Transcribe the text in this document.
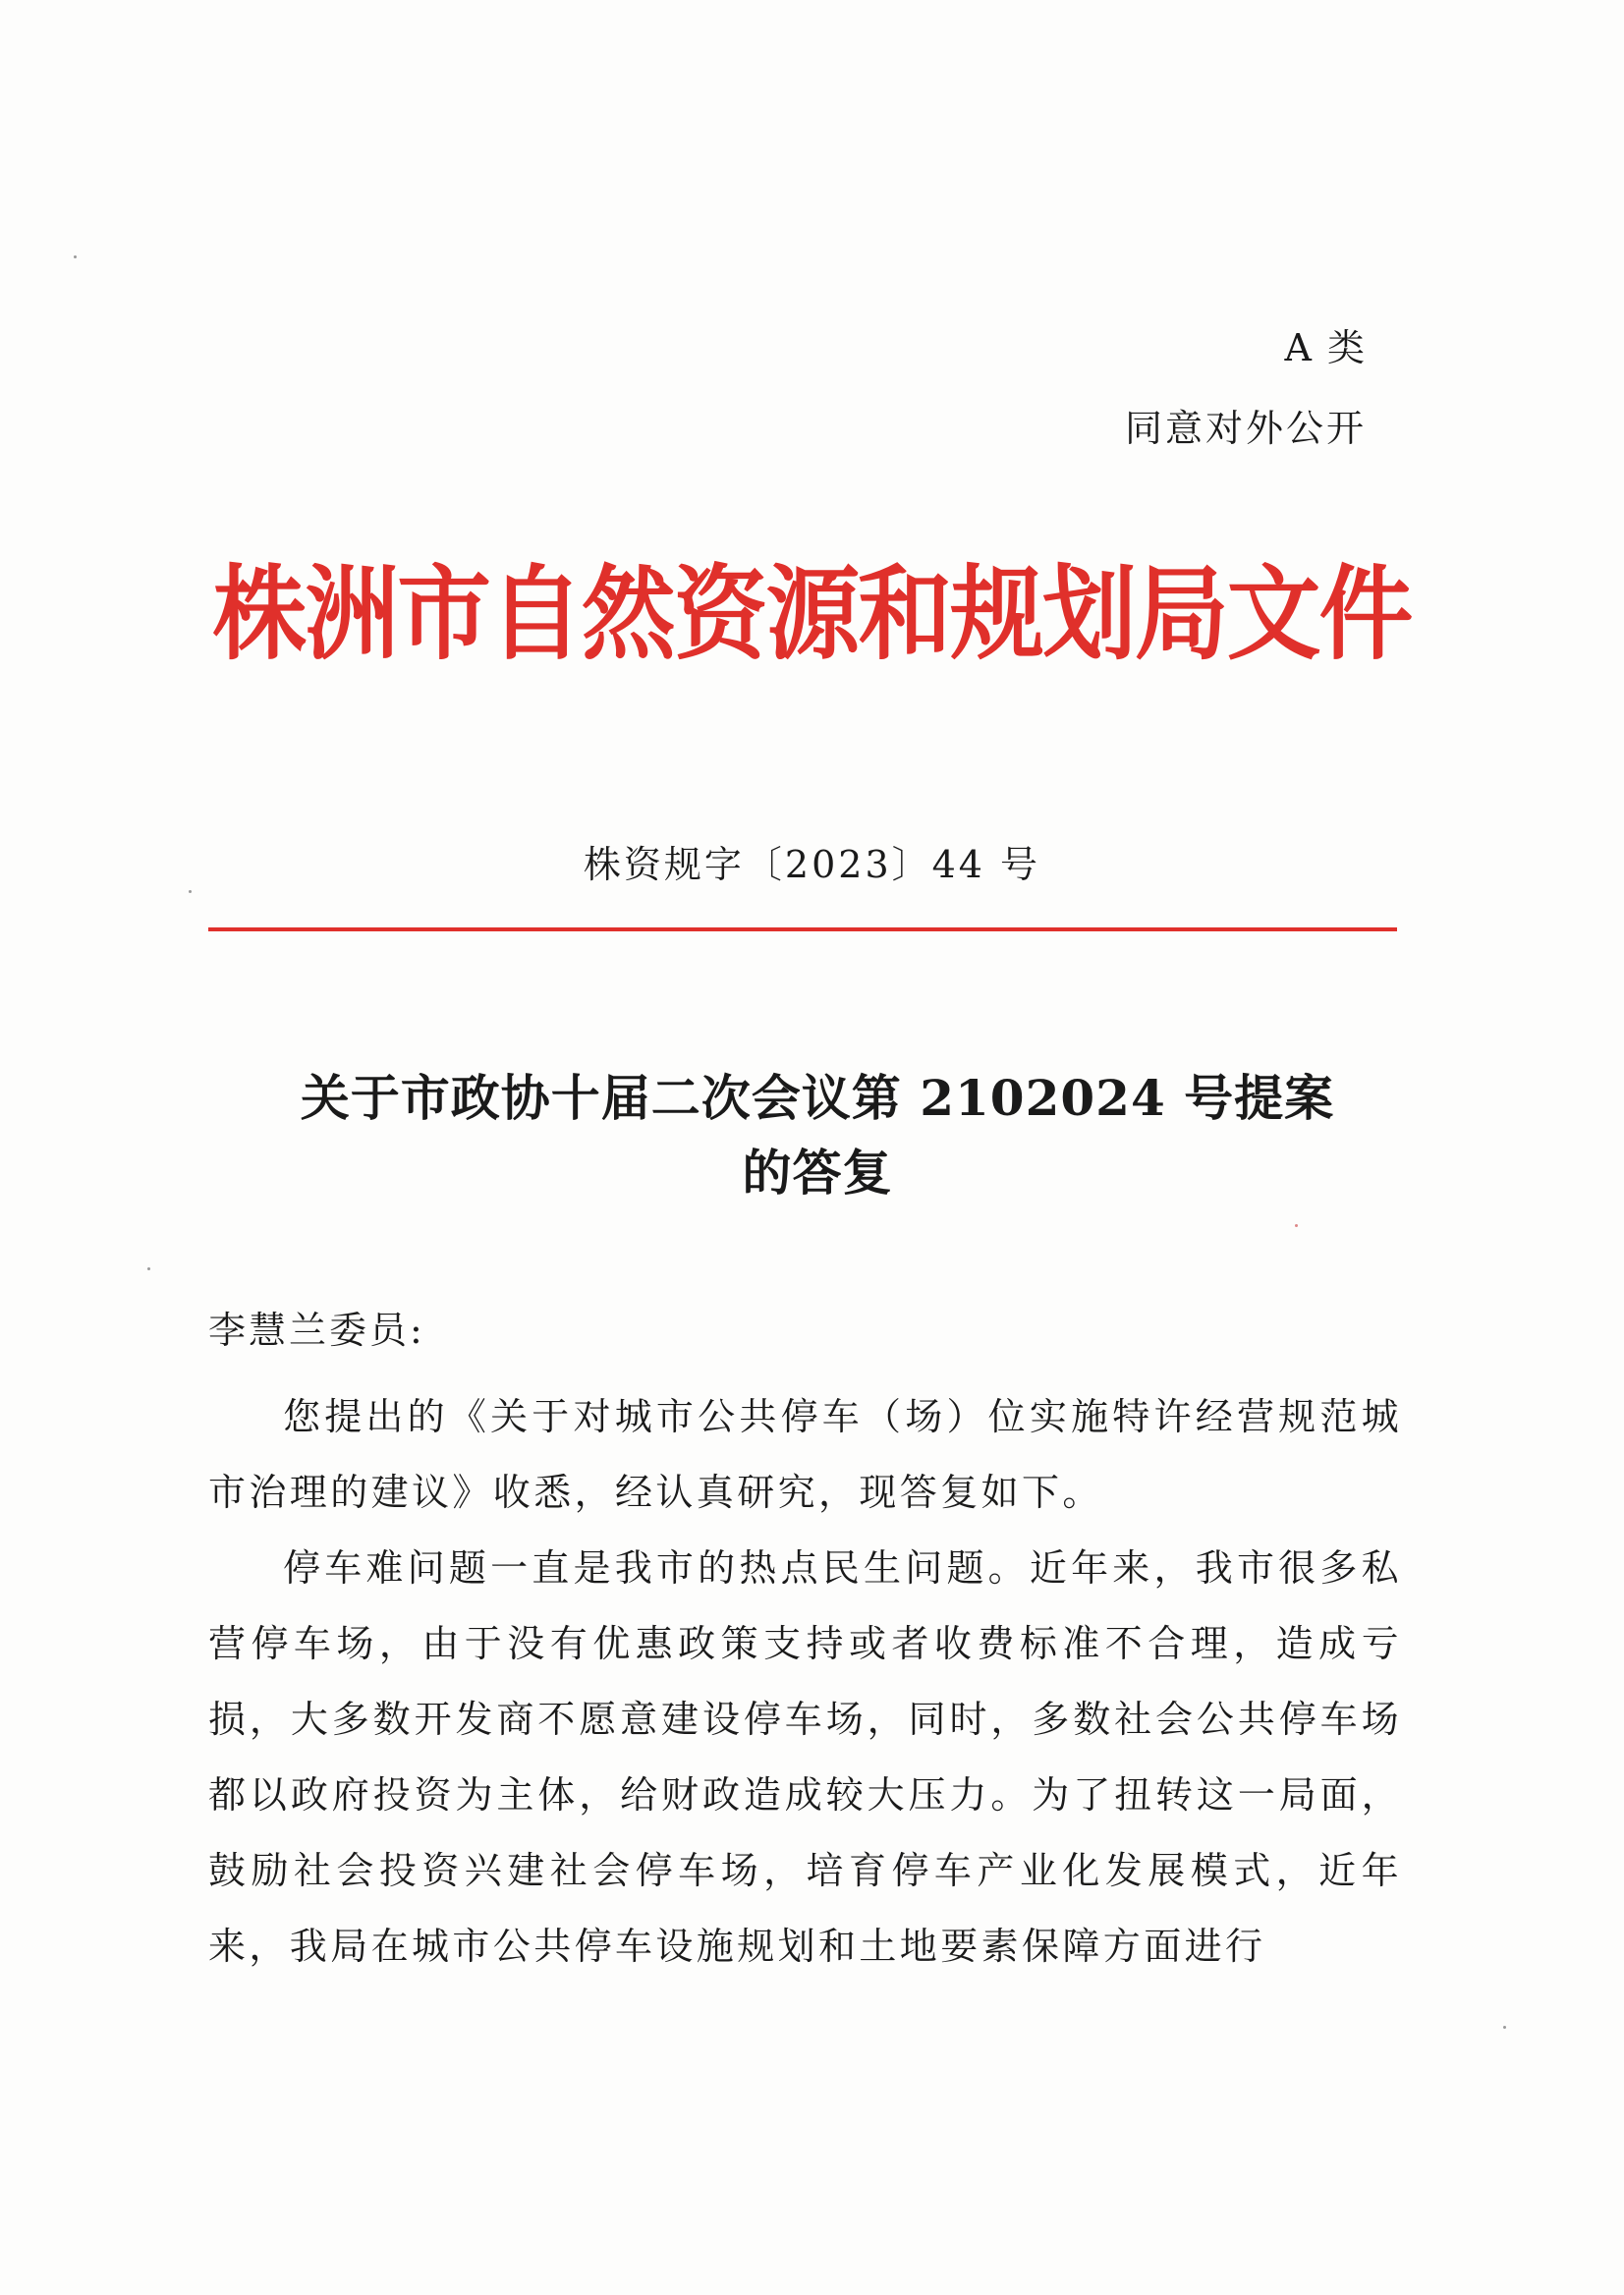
A 类
同意对外公开
株洲市自然资源和规划局文件
株资规字〔2023〕44 号
关于市政协十届二次会议第 2102024 号提案
的答复
李慧兰委员:

您提出的《关于对城市公共停车（场）位实施特许经营规范城市治理的建议》收悉，经认真研究，现答复如下。

停车难问题一直是我市的热点民生问题。近年来，我市很多私营停车场，由于没有优惠政策支持或者收费标准不合理，造成亏损，大多数开发商不愿意建设停车场，同时，多数社会公共停车场都以政府投资为主体，给财政造成较大压力。为了扭转这一局面，鼓励社会投资兴建社会停车场，培育停车产业化发展模式，近年来，我局在城市公共停车设施规划和土地要素保障方面进行
